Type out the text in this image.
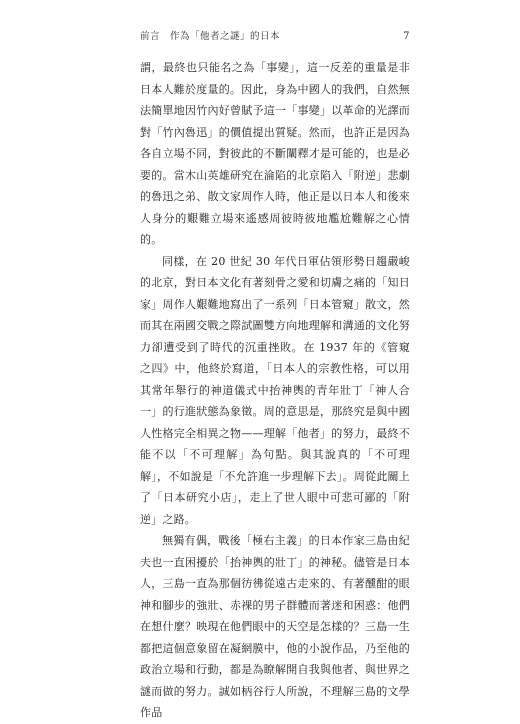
前言 作為「他者之謎」的日本	7

謂，最終也只能名之為「事變」，這一反差的重量是非日本人難於度量的。因此，身為中國人的我們，自然無法簡單地因竹內好曾賦予這一「事變」以革命的光譯而對「竹內魯迅」的價值提出質疑。然而，也許正是因為各自立場不同，對彼此的不斷闡釋才是可能的，也是必要的。當木山英雄研究在淪陷的北京陷入「附逆」悲劇的魯迅之弟、散文家周作人時，他正是以日本人和後來人身分的艱難立場來遙感周彼時彼地尷尬難解之心情的。

同樣，在 20 世紀 30 年代日軍佔領形勢日趨嚴峻的北京，對日本文化有著刻骨之愛和切膚之痛的「知日家」周作人艱難地寫出了一系列「日本管窺」散文，然而其在兩國交戰之際試圖雙方向地理解和溝通的文化努力卻遭受到了時代的沉重挫敗。在 1937 年的《管窺之四》中，他終於寫道，「日本人的宗教性格，可以用其常年舉行的神道儀式中抬神輿的青年壯丁「神人合一」的行進狀態為象徵。周的意思是，那終究是與中國人性格完全相異之物——理解「他者」的努力，最終不能不以「不可理解」為句點。與其說真的「不可理解」，不如說是「不允許進一步理解下去」。周從此關上了「日本研究小店」，走上了世人眼中可悲可鄙的「附逆」之路。

無獨有偶，戰後「極右主義」的日本作家三島由紀夫也一直困擾於「抬神輿的壯丁」的神秘。儘管是日本人，三島一直為那個彷彿從遠古走來的、有著醺酣的眼神和腳步的強壯、赤裸的男子群體而著迷和困惑：他們在想什麼？映現在他們眼中的天空是怎樣的？三島一生都把這個意象留在凝網膜中，他的小說作品，乃至他的政治立場和行動，都是為瞭解開自我與他者、與世界之謎而做的努力。誠如柄谷行人所說，不理解三島的文學作品
